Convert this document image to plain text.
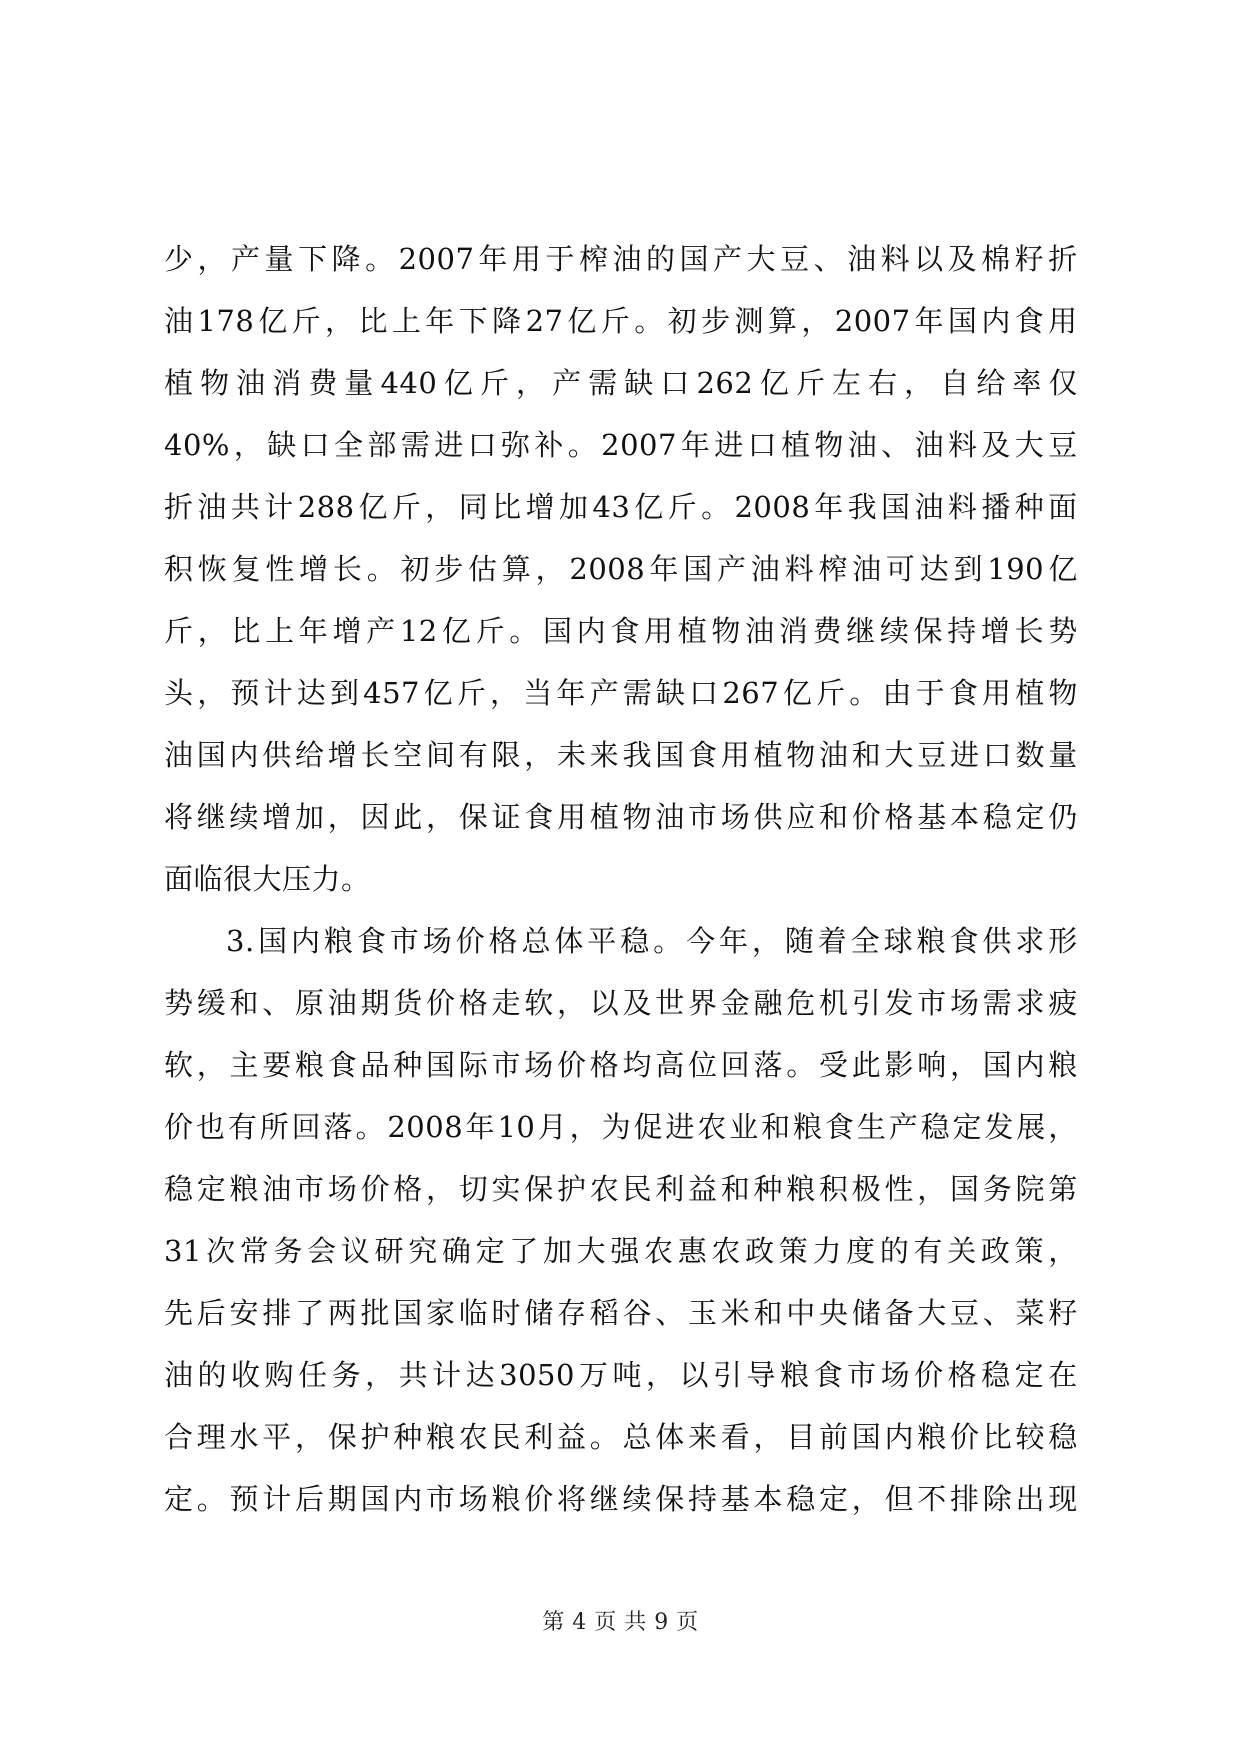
少 ， 产 量 下 降 。 2007 年 用 于 榨 油 的 国 产 大 豆 、 油 料 以 及 棉 籽 折
油 178 亿 斤 ， 比 上 年 下 降 27 亿 斤 。 初 步 测 算 ， 2007 年 国 内 食 用
植 物 油 消 费 量 440 亿 斤 ， 产 需 缺 口 262 亿 斤 左 右 ， 自 给 率 仅
40% ， 缺 口 全 部 需 进 口 弥 补 。 2007 年 进 口 植 物 油 、 油 料 及 大 豆
折 油 共 计 288 亿 斤 ， 同 比 增 加 43 亿 斤 。 2008 年 我 国 油 料 播 种 面
积 恢 复 性 增 长 。 初 步 估 算 ， 2008 年 国 产 油 料 榨 油 可 达 到 190 亿
斤 ， 比 上 年 增 产 12 亿 斤 。 国 内 食 用 植 物 油 消 费 继 续 保 持 增 长 势
头 ， 预 计 达 到 457 亿 斤 ， 当 年 产 需 缺 口 267 亿 斤 。 由 于 食 用 植 物
油 国 内 供 给 增 长 空 间 有 限 ， 未 来 我 国 食 用 植 物 油 和 大 豆 进 口 数 量
将 继 续 增 加 ， 因 此 ， 保 证 食 用 植 物 油 市 场 供 应 和 价 格 基 本 稳 定 仍
面临很大压力。
3. 国 内 粮 食 市 场 价 格 总 体 平 稳 。 今 年 ， 随 着 全 球 粮 食 供 求 形
势 缓 和 、 原 油 期 货 价 格 走 软 ， 以 及 世 界 金 融 危 机 引 发 市 场 需 求 疲
软 ， 主 要 粮 食 品 种 国 际 市 场 价 格 均 高 位 回 落 。 受 此 影 响 ， 国 内 粮
价 也 有 所 回 落 。 2008 年 10 月 ， 为 促 进 农 业 和 粮 食 生 产 稳 定 发 展 ，
稳 定 粮 油 市 场 价 格 ， 切 实 保 护 农 民 利 益 和 种 粮 积 极 性 ， 国 务 院 第
31 次 常 务 会 议 研 究 确 定 了 加 大 强 农 惠 农 政 策 力 度 的 有 关 政 策 ，
先 后 安 排 了 两 批 国 家 临 时 储 存 稻 谷 、 玉 米 和 中 央 储 备 大 豆 、 菜 籽
油 的 收 购 任 务 ， 共 计 达 3050 万 吨 ， 以 引 导 粮 食 市 场 价 格 稳 定 在
合 理 水 平 ， 保 护 种 粮 农 民 利 益 。 总 体 来 看 ， 目 前 国 内 粮 价 比 较 稳
定 。 预 计 后 期 国 内 市 场 粮 价 将 继 续 保 持 基 本 稳 定 ， 但 不 排 除 出 现
第 4 页 共 9 页
